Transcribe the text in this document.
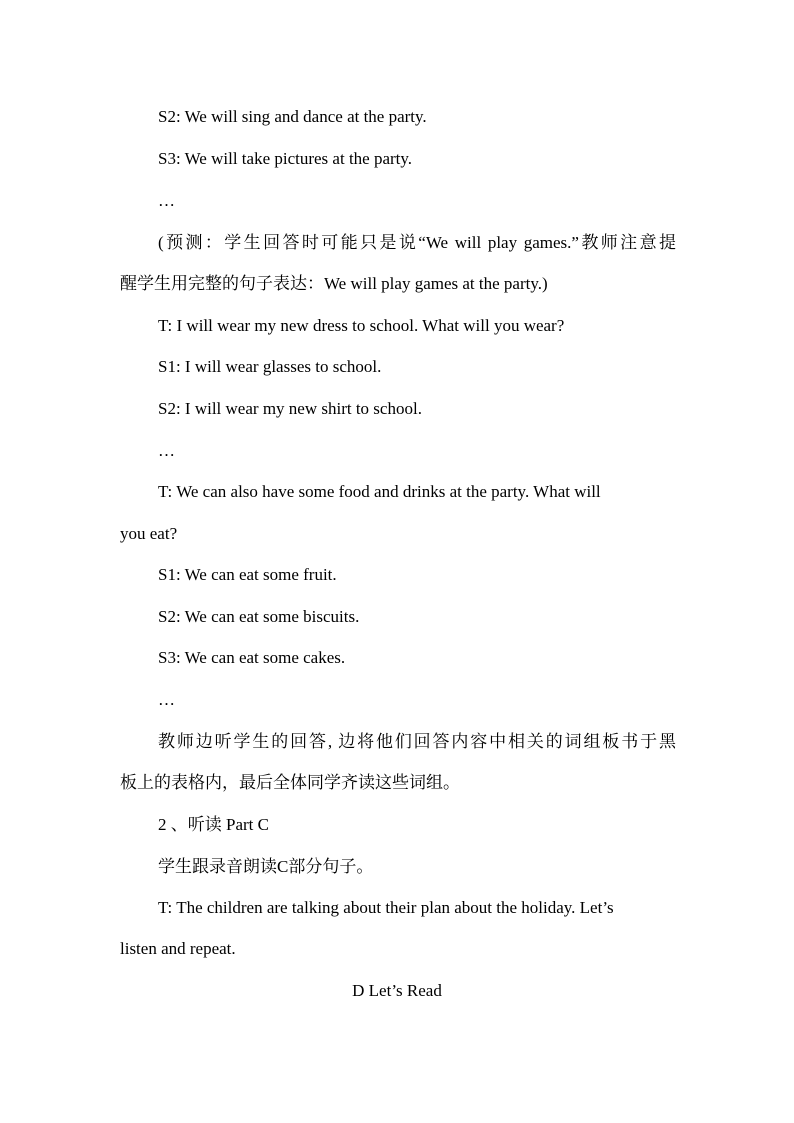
S2: We will sing and dance at the party.
S3: We will take pictures at the party.
…
(预测：学生回答时可能只是说“We will play games.”教师注意提
醒学生用完整的句子表达：We will play games at the party.)
T: I will wear my new dress to school. What will you wear?
S1: I will wear glasses to school.
S2: I will wear my new shirt to school.
…
T: We can also have some food and drinks at the party. What will
you eat?
S1: We can eat some fruit.
S2: We can eat some biscuits.
S3: We can eat some cakes.
…
教师边听学生的回答, 边将他们回答内容中相关的词组板书于黑
板上的表格内，最后全体同学齐读这些词组。
2 、听读 Part C
学生跟录音朗读C部分句子。
T: The children are talking about their plan about the holiday. Let’s
listen and repeat.
D Let’s Read
